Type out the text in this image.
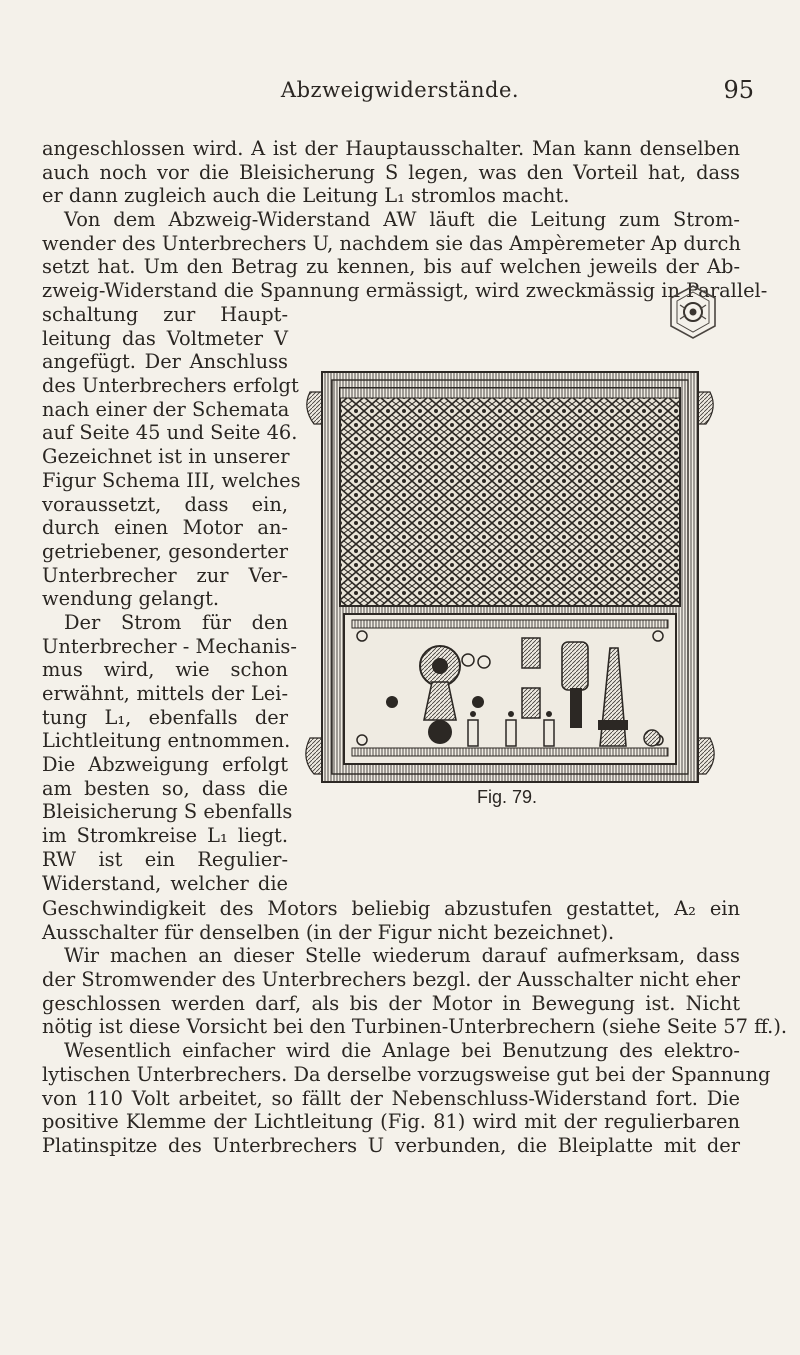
Abzweigwiderstände.	95
angeschlossen wird. A ist der Hauptausschalter. Man kann denselben
auch noch vor die Bleisicherung S legen, was den Vorteil hat, dass
er dann zugleich auch die Leitung L₁ stromlos macht.
Von dem Abzweig-Widerstand AW läuft die Leitung zum Strom-
wender des Unterbrechers U, nachdem sie das Ampèremeter Ap durch
setzt hat. Um den Betrag zu kennen, bis auf welchen jeweils der Ab-
zweig-Widerstand die Spannung ermässigt, wird zweckmässig in Parallel-
schaltung zur Haupt-
leitung das Voltmeter V
angefügt. Der Anschluss
des Unterbrechers erfolgt
nach einer der Schemata
auf Seite 45 und Seite 46.
Gezeichnet ist in unserer
Figur Schema III, welches
voraussetzt, dass ein,
durch einen Motor an-
getriebener, gesonderter
Unterbrecher zur Ver-
wendung gelangt.
Der Strom für den
Unterbrecher - Mechanis-
mus wird, wie schon
erwähnt, mittels der Lei-
tung L₁, ebenfalls der
Lichtleitung entnommen.
Die Abzweigung erfolgt
am besten so, dass die
Bleisicherung S ebenfalls
im Stromkreise L₁ liegt.
RW ist ein Regulier-
Widerstand, welcher die
Fig. 79.
Geschwindigkeit des Motors beliebig abzustufen gestattet, A₂ ein
Ausschalter für denselben (in der Figur nicht bezeichnet).
Wir machen an dieser Stelle wiederum darauf aufmerksam, dass
der Stromwender des Unterbrechers bezgl. der Ausschalter nicht eher
geschlossen werden darf, als bis der Motor in Bewegung ist. Nicht
nötig ist diese Vorsicht bei den Turbinen-Unterbrechern (siehe Seite 57 ff.).
Wesentlich einfacher wird die Anlage bei Benutzung des elektro-
lytischen Unterbrechers. Da derselbe vorzugsweise gut bei der Spannung
von 110 Volt arbeitet, so fällt der Nebenschluss-Widerstand fort. Die
positive Klemme der Lichtleitung (Fig. 81) wird mit der regulierbaren
Platinspitze des Unterbrechers U verbunden, die Bleiplatte mit der
